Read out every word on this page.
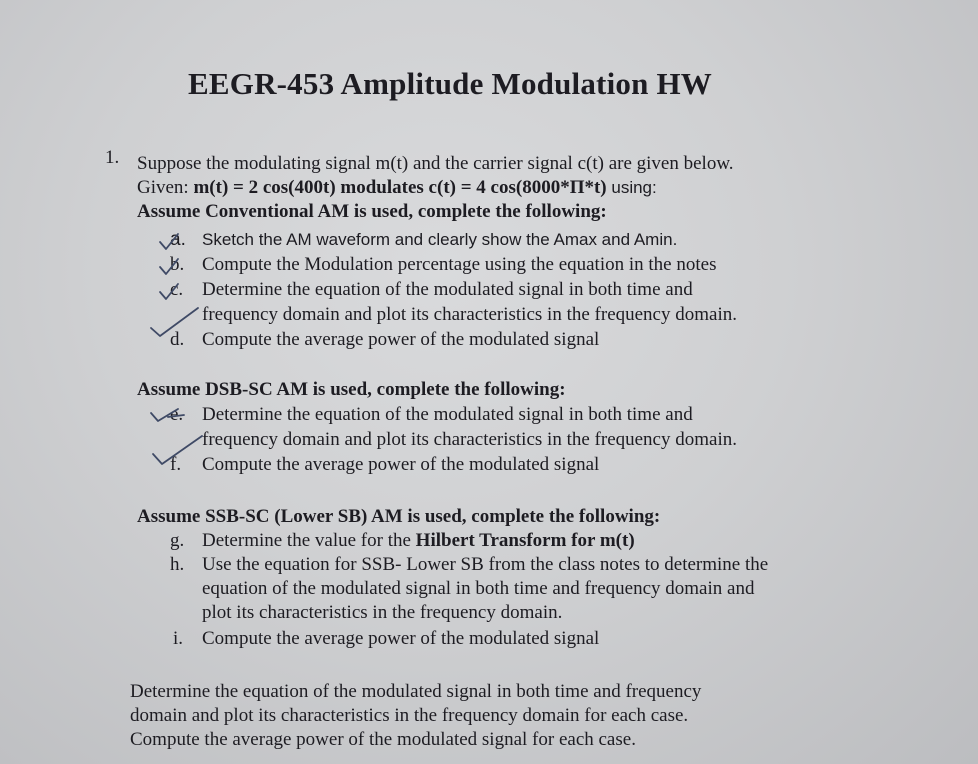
EEGR-453 Amplitude Modulation HW
1. Suppose the modulating signal m(t) and the carrier signal c(t) are given below.
Given: m(t) = 2 cos(400t) modulates c(t) = 4 cos(8000*Π*t) using:
Assume Conventional AM is used, complete the following:
a. Sketch the AM waveform and clearly show the Amax and Amin.
b. Compute the Modulation percentage using the equation in the notes
c. Determine the equation of the modulated signal in both time and
frequency domain and plot its characteristics in the frequency domain.
d. Compute the average power of the modulated signal
Assume DSB-SC AM is used, complete the following:
e. Determine the equation of the modulated signal in both time and
frequency domain and plot its characteristics in the frequency domain.
f. Compute the average power of the modulated signal
Assume SSB-SC (Lower SB) AM is used, complete the following:
g. Determine the value for the Hilbert Transform for m(t)
h. Use the equation for SSB- Lower SB from the class notes to determine the
equation of the modulated signal in both time and frequency domain and
plot its characteristics in the frequency domain.
i. Compute the average power of the modulated signal
Determine the equation of the modulated signal in both time and frequency
domain and plot its characteristics in the frequency domain for each case.
Compute the average power of the modulated signal for each case.
